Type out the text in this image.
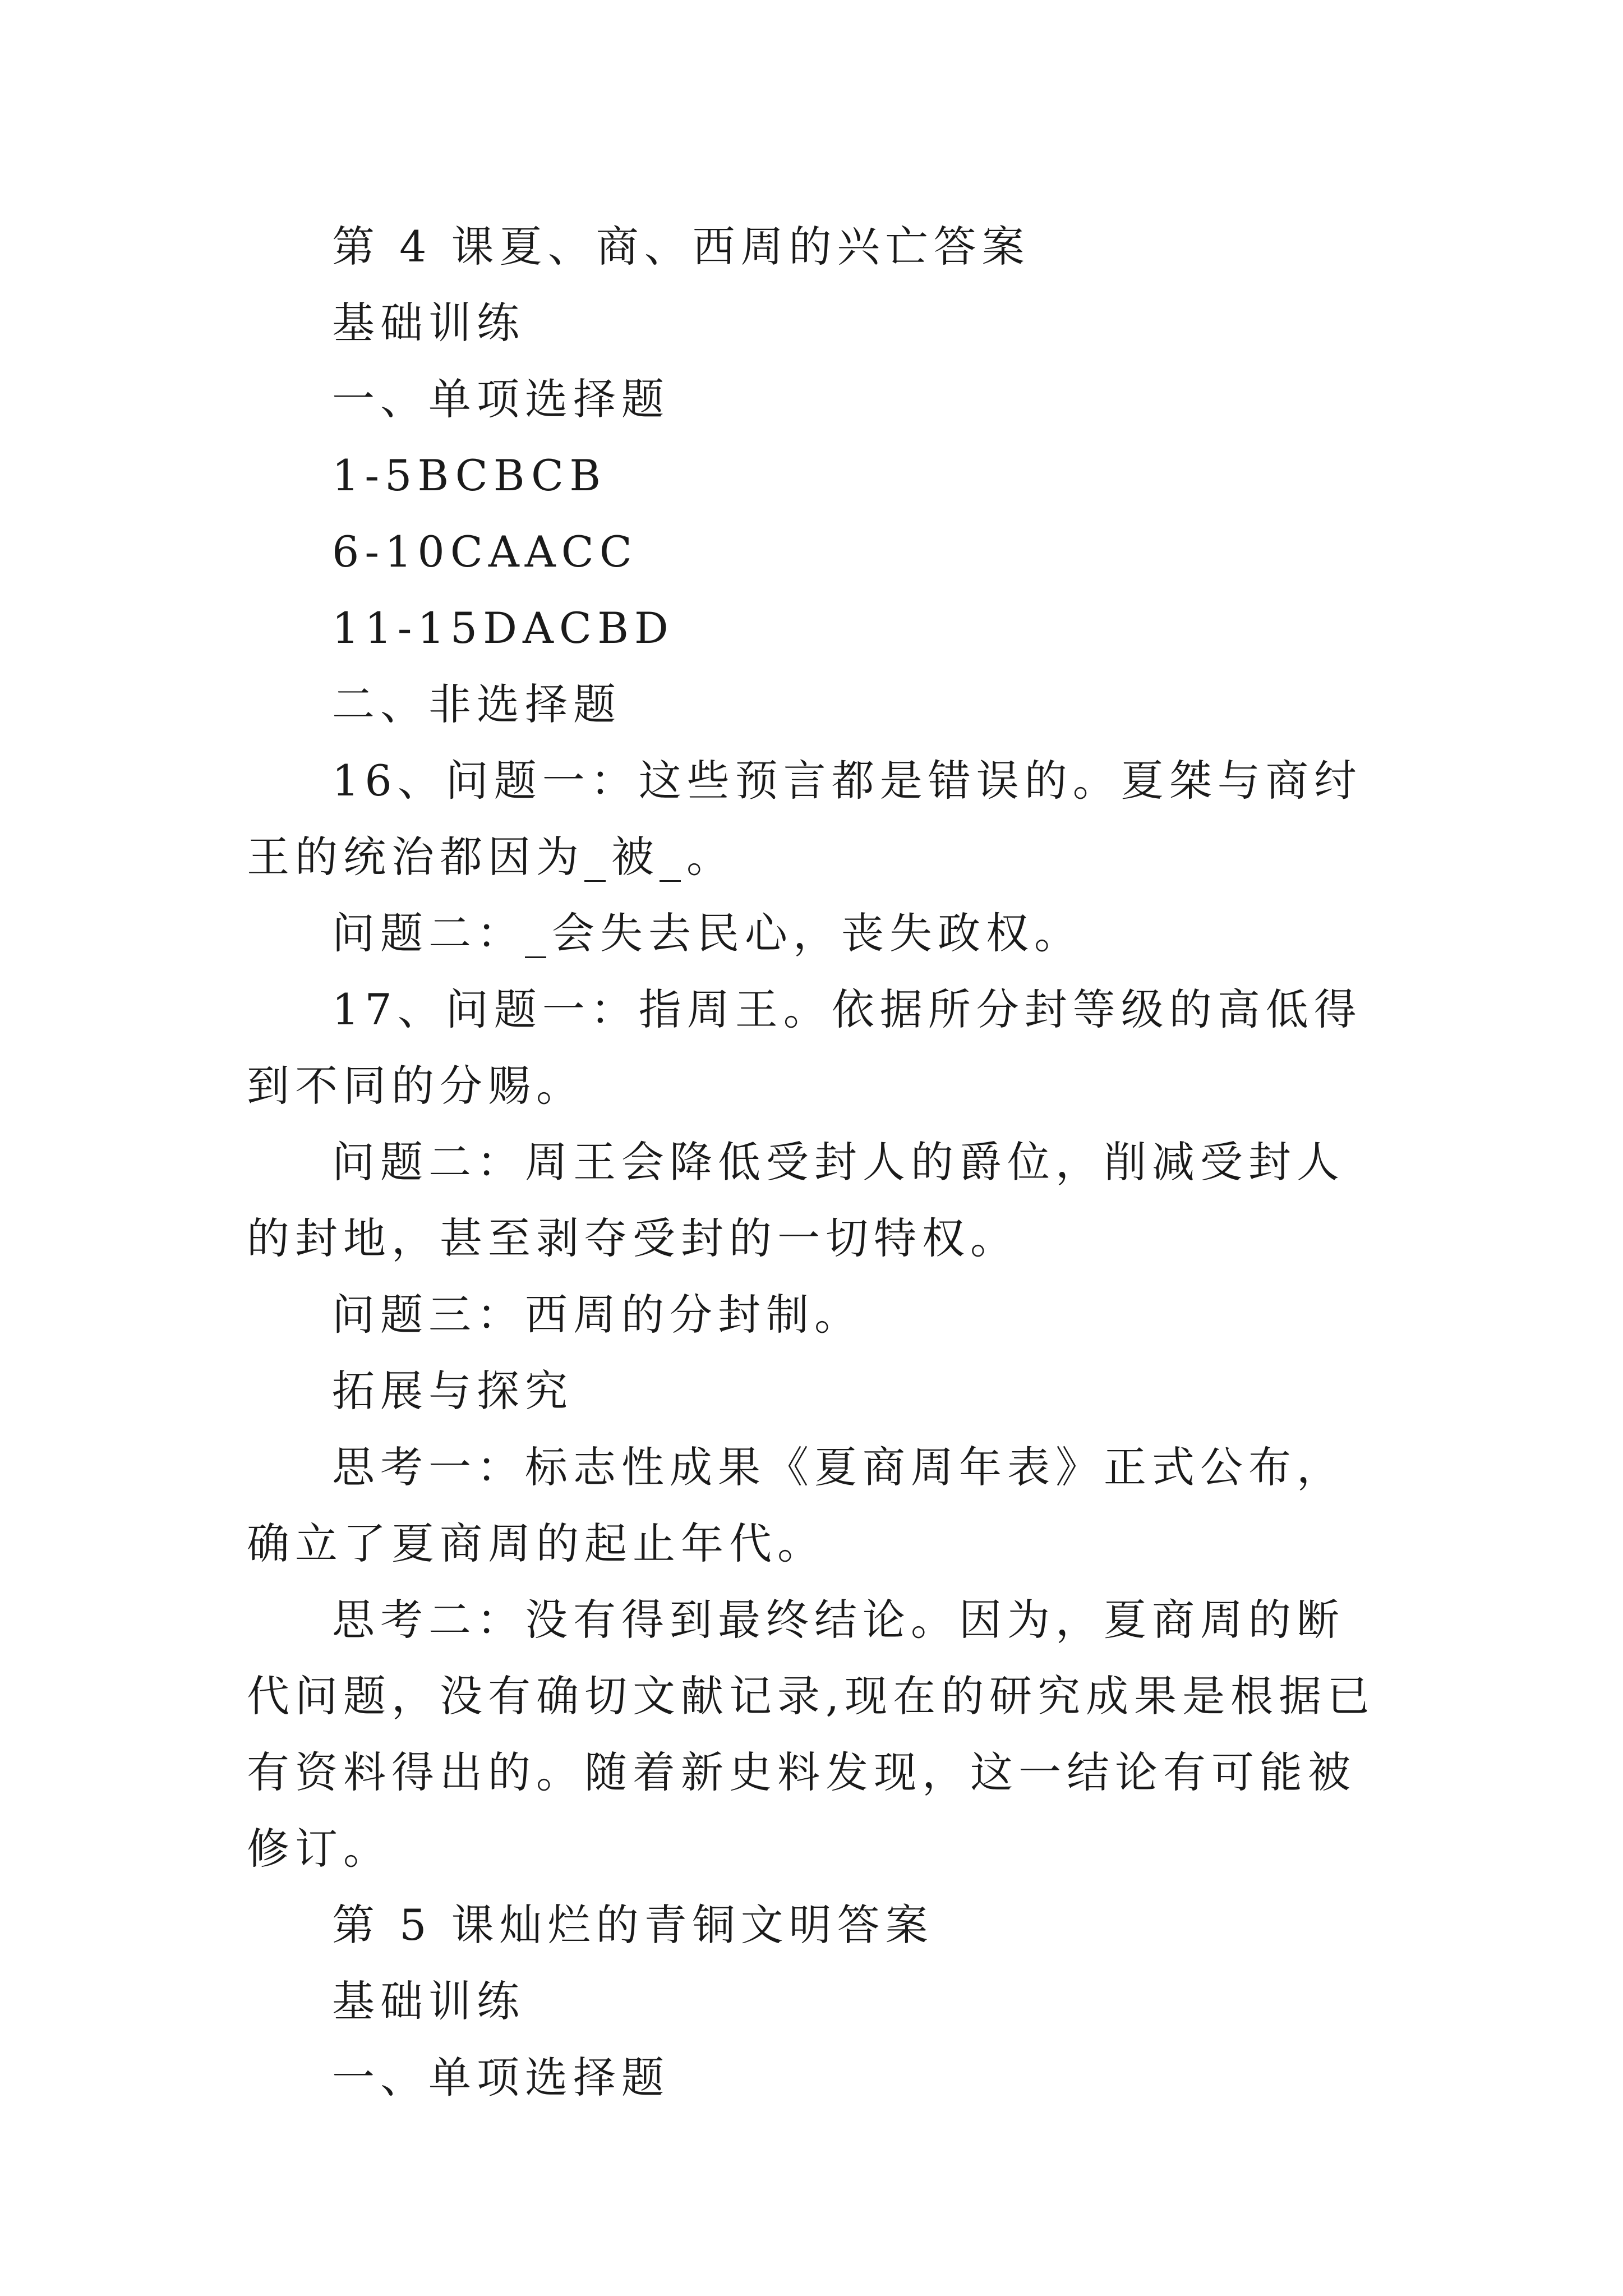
第 4 课夏、商、西周的兴亡答案

基础训练

一、单项选择题

1-5BCBCB

6-10CAACC

11-15DACBD

二、非选择题

16、问题一：这些预言都是错误的。夏桀与商纣王的统治都因为_被_。

问题二：_会失去民心，丧失政权。

17、问题一：指周王。依据所分封等级的高低得到不同的分赐。

问题二：周王会降低受封人的爵位，削减受封人的封地，甚至剥夺受封的一切特权。

问题三：西周的分封制。

拓展与探究

思考一：标志性成果《夏商周年表》正式公布，确立了夏商周的起止年代。

思考二：没有得到最终结论。因为，夏商周的断代问题，没有确切文献记录,现在的研究成果是根据已有资料得出的。随着新史料发现，这一结论有可能被修订。

第 5 课灿烂的青铜文明答案

基础训练

一、单项选择题
